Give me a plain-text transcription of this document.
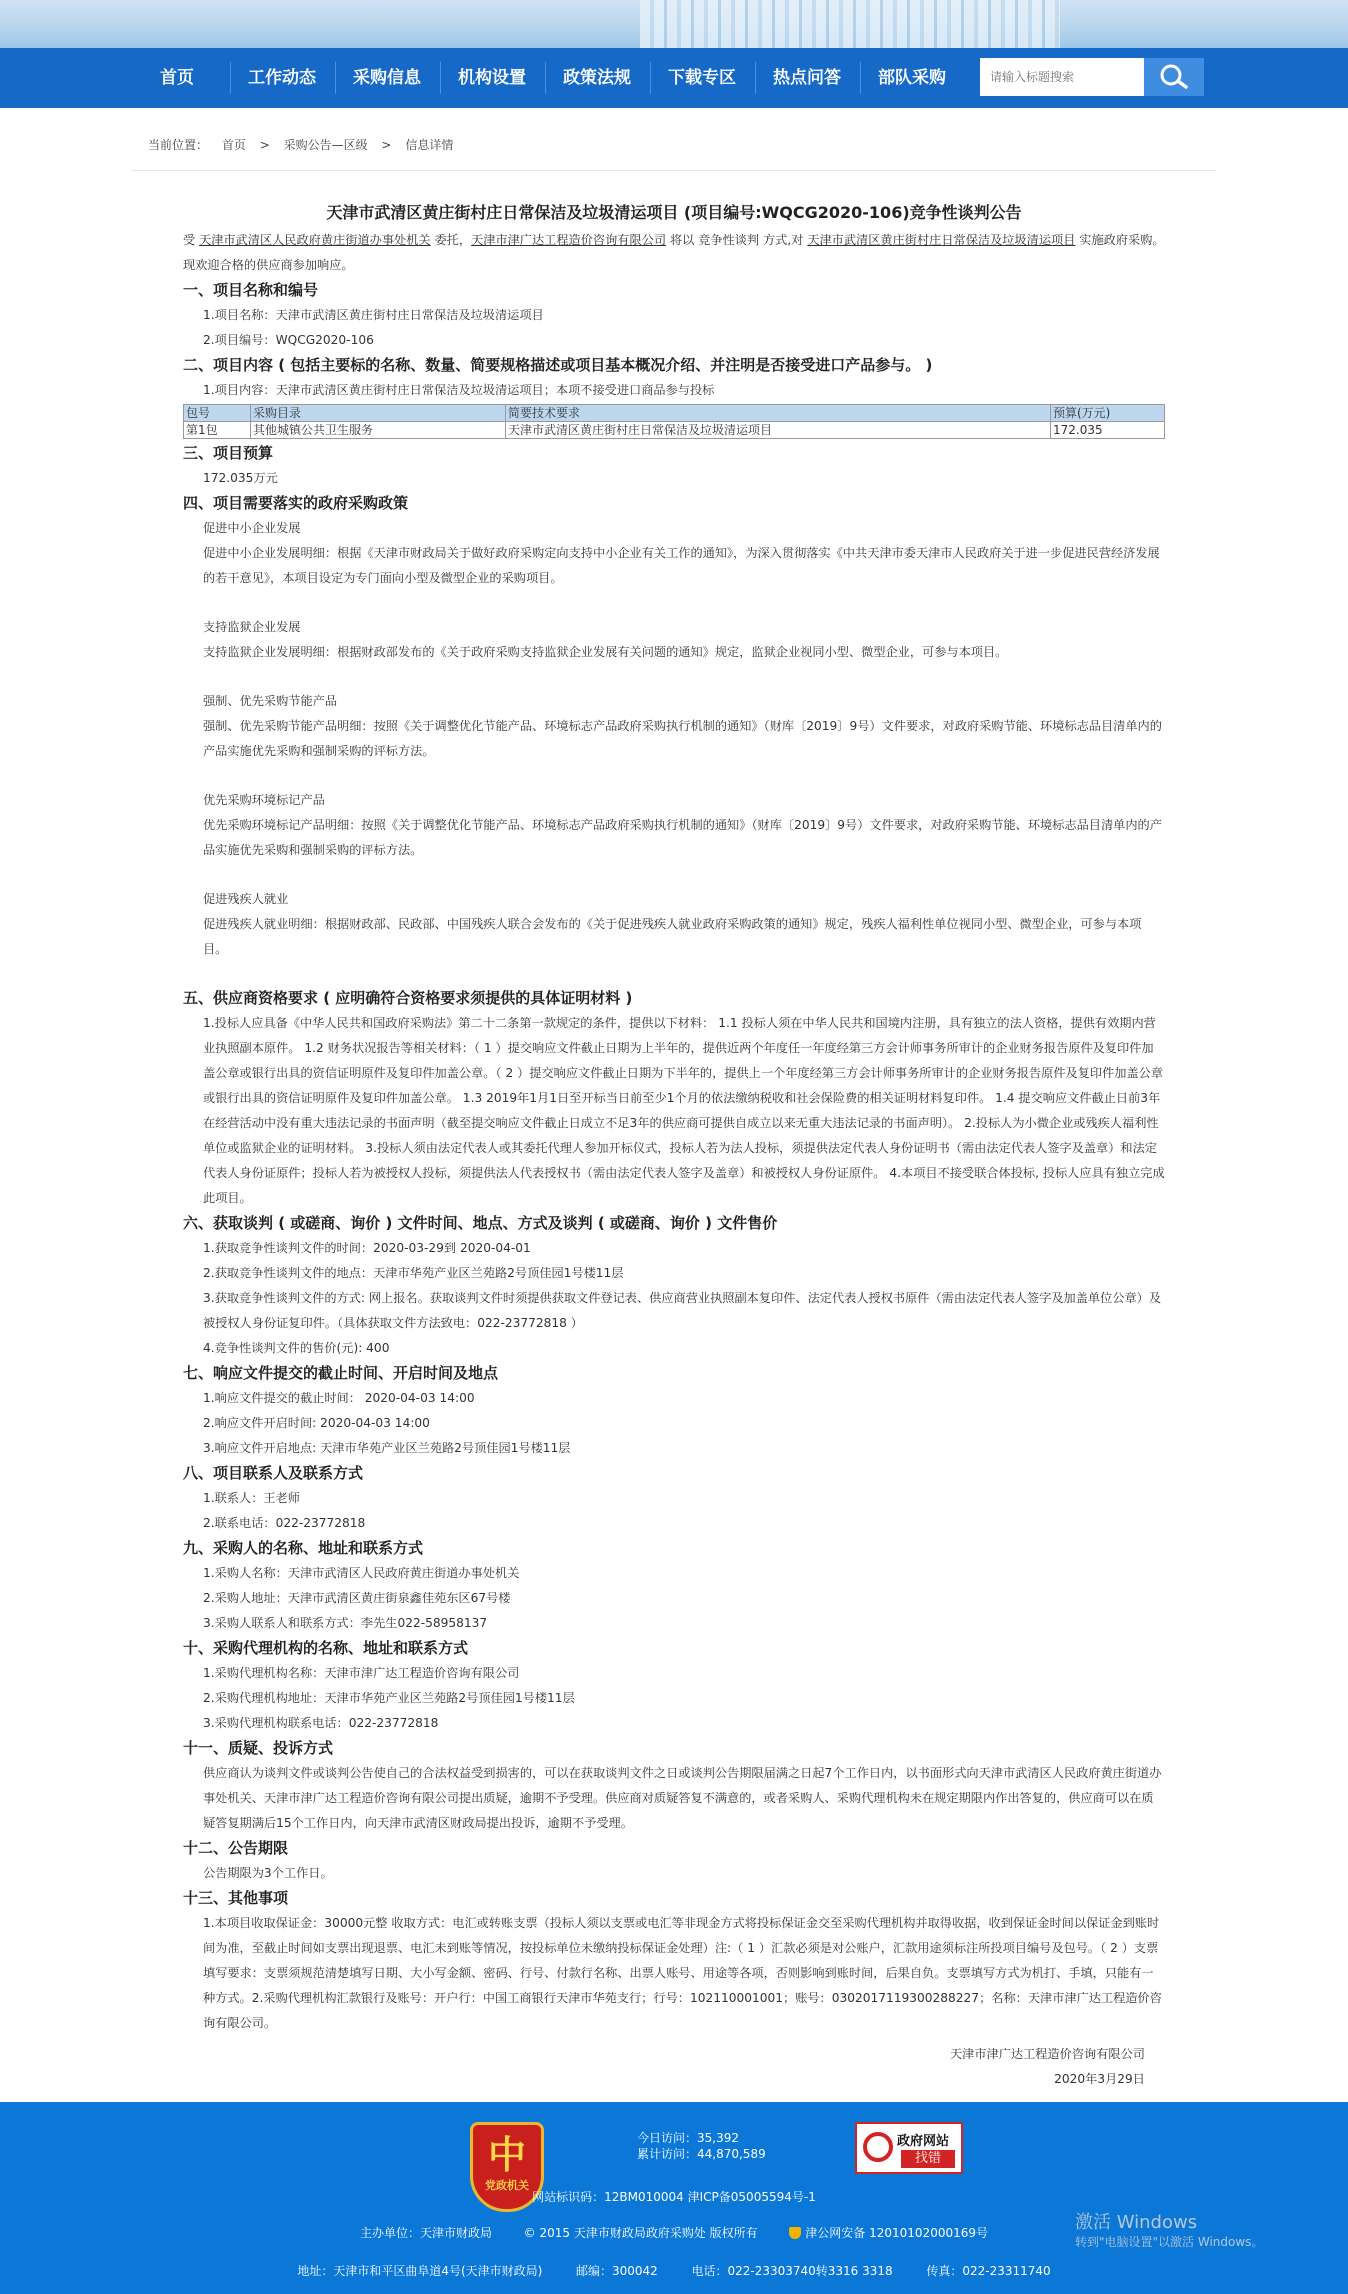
首页	工作动态	采购信息	机构设置	政策法规	下载专区	热点问答	部队采购
请输入标题搜索
当前位置： 首页 > 采购公告—区级 > 信息详情
天津市武清区黄庄街村庄日常保洁及垃圾清运项目 (项目编号:WQCG2020-106)竞争性谈判公告

受 天津市武清区人民政府黄庄街道办事处机关 委托，天津市津广达工程造价咨询有限公司 将以 竞争性谈判 方式,对 天津市武清区黄庄街村庄日常保洁及垃圾清运项目 实施政府采购。现欢迎合格的供应商参加响应。

一、项目名称和编号

1.项目名称：天津市武清区黄庄街村庄日常保洁及垃圾清运项目

2.项目编号：WQCG2020-106

二、项目内容 ( 包括主要标的名称、数量、简要规格描述或项目基本概况介绍、并注明是否接受进口产品参与。 )

1.项目内容：天津市武清区黄庄街村庄日常保洁及垃圾清运项目；本项不接受进口商品参与投标

包号	采购目录	简要技术要求	预算(万元)
第1包	其他城镇公共卫生服务	天津市武清区黄庄街村庄日常保洁及垃圾清运项目	172.035

三、项目预算

172.035万元

四、项目需要落实的政府采购政策

促进中小企业发展

促进中小企业发展明细：根据《天津市财政局关于做好政府采购定向支持中小企业有关工作的通知》，为深入贯彻落实《中共天津市委天津市人民政府关于进一步促进民营经济发展的若干意见》，本项目设定为专门面向小型及微型企业的采购项目。

支持监狱企业发展

支持监狱企业发展明细：根据财政部发布的《关于政府采购支持监狱企业发展有关问题的通知》规定，监狱企业视同小型、微型企业，可参与本项目。

强制、优先采购节能产品

强制、优先采购节能产品明细：按照《关于调整优化节能产品、环境标志产品政府采购执行机制的通知》（财库〔2019〕9号）文件要求，对政府采购节能、环境标志品目清单内的产品实施优先采购和强制采购的评标方法。

优先采购环境标记产品

优先采购环境标记产品明细：按照《关于调整优化节能产品、环境标志产品政府采购执行机制的通知》（财库〔2019〕9号）文件要求，对政府采购节能、环境标志品目清单内的产品实施优先采购和强制采购的评标方法。

促进残疾人就业

促进残疾人就业明细：根据财政部、民政部、中国残疾人联合会发布的《关于促进残疾人就业政府采购政策的通知》规定，残疾人福利性单位视同小型、微型企业，可参与本项目。

五、供应商资格要求 ( 应明确符合资格要求须提供的具体证明材料 )

1.投标人应具备《中华人民共和国政府采购法》第二十二条第一款规定的条件，提供以下材料： 1.1 投标人须在中华人民共和国境内注册，具有独立的法人资格，提供有效期内营业执照副本原件。 1.2 财务状况报告等相关材料：（ 1 ）提交响应文件截止日期为上半年的，提供近两个年度任一年度经第三方会计师事务所审计的企业财务报告原件及复印件加盖公章或银行出具的资信证明原件及复印件加盖公章。（ 2 ）提交响应文件截止日期为下半年的，提供上一个年度经第三方会计师事务所审计的企业财务报告原件及复印件加盖公章或银行出具的资信证明原件及复印件加盖公章。 1.3 2019年1月1日至开标当日前至少1个月的依法缴纳税收和社会保险费的相关证明材料复印件。 1.4 提交响应文件截止日前3年在经营活动中没有重大违法记录的书面声明（截至提交响应文件截止日成立不足3年的供应商可提供自成立以来无重大违法记录的书面声明）。 2.投标人为小微企业或残疾人福利性单位或监狱企业的证明材料。 3.投标人须由法定代表人或其委托代理人参加开标仪式，投标人若为法人投标，须提供法定代表人身份证明书（需由法定代表人签字及盖章）和法定代表人身份证原件；投标人若为被授权人投标，须提供法人代表授权书（需由法定代表人签字及盖章）和被授权人身份证原件。 4.本项目不接受联合体投标, 投标人应具有独立完成此项目。

六、获取谈判 ( 或磋商、询价 ) 文件时间、地点、方式及谈判 ( 或磋商、询价 ) 文件售价

1.获取竞争性谈判文件的时间：2020-03-29到 2020-04-01

2.获取竞争性谈判文件的地点：天津市华苑产业区兰苑路2号顶佳园1号楼11层

3.获取竞争性谈判文件的方式: 网上报名。获取谈判文件时须提供获取文件登记表、供应商营业执照副本复印件、法定代表人授权书原件（需由法定代表人签字及加盖单位公章）及被授权人身份证复印件。（具体获取文件方法致电：022-23772818 ）

4.竞争性谈判文件的售价(元): 400

七、响应文件提交的截止时间、开启时间及地点

1.响应文件提交的截止时间： 2020-04-03 14:00

2.响应文件开启时间: 2020-04-03 14:00

3.响应文件开启地点: 天津市华苑产业区兰苑路2号顶佳园1号楼11层

八、项目联系人及联系方式

1.联系人：王老师

2.联系电话：022-23772818

九、采购人的名称、地址和联系方式

1.采购人名称：天津市武清区人民政府黄庄街道办事处机关

2.采购人地址：天津市武清区黄庄街泉鑫佳苑东区67号楼

3.采购人联系人和联系方式：李先生022-58958137

十、采购代理机构的名称、地址和联系方式

1.采购代理机构名称：天津市津广达工程造价咨询有限公司

2.采购代理机构地址：天津市华苑产业区兰苑路2号顶佳园1号楼11层

3.采购代理机构联系电话：022-23772818

十一、质疑、投诉方式

供应商认为谈判文件或谈判公告使自己的合法权益受到损害的，可以在获取谈判文件之日或谈判公告期限届满之日起7个工作日内，以书面形式向天津市武清区人民政府黄庄街道办事处机关、天津市津广达工程造价咨询有限公司提出质疑，逾期不予受理。供应商对质疑答复不满意的，或者采购人、采购代理机构未在规定期限内作出答复的，供应商可以在质疑答复期满后15个工作日内，向天津市武清区财政局提出投诉，逾期不予受理。

十二、公告期限

公告期限为3个工作日。

十三、其他事项

1.本项目收取保证金：30000元整 收取方式：电汇或转账支票（投标人须以支票或电汇等非现金方式将投标保证金交至采购代理机构并取得收据，收到保证金时间以保证金到账时间为准，至截止时间如支票出现退票、电汇未到账等情况，按投标单位未缴纳投标保证金处理）注:（ 1 ）汇款必须是对公账户，汇款用途须标注所投项目编号及包号。（ 2 ）支票填写要求：支票须规范清楚填写日期、大小写金额、密码、行号、付款行名称、出票人账号、用途等各项，否则影响到账时间，后果自负。支票填写方式为机打、手填，只能有一种方式。2.采购代理机构汇款银行及账号：开户行：中国工商银行天津市华苑支行；行号：102110001001；账号：0302017119300288227；名称：天津市津广达工程造价咨询有限公司。

天津市津广达工程造价咨询有限公司

2020年3月29日

中
党政机关
今日访问：35,392
累计访问：44,870,589
政府网站
找错
网站标识码：12BM010004 津ICP备05005594号-1
主办单位：天津市财政局	© 2015 天津市财政局政府采购处 版权所有	津公网安备 12010102000169号
地址：天津市和平区曲阜道4号(天津市财政局)	邮编：300042	电话：022-23303740转3316 3318	传真：022-23311740
激活 Windows
转到"电脑设置"以激活 Windows。
